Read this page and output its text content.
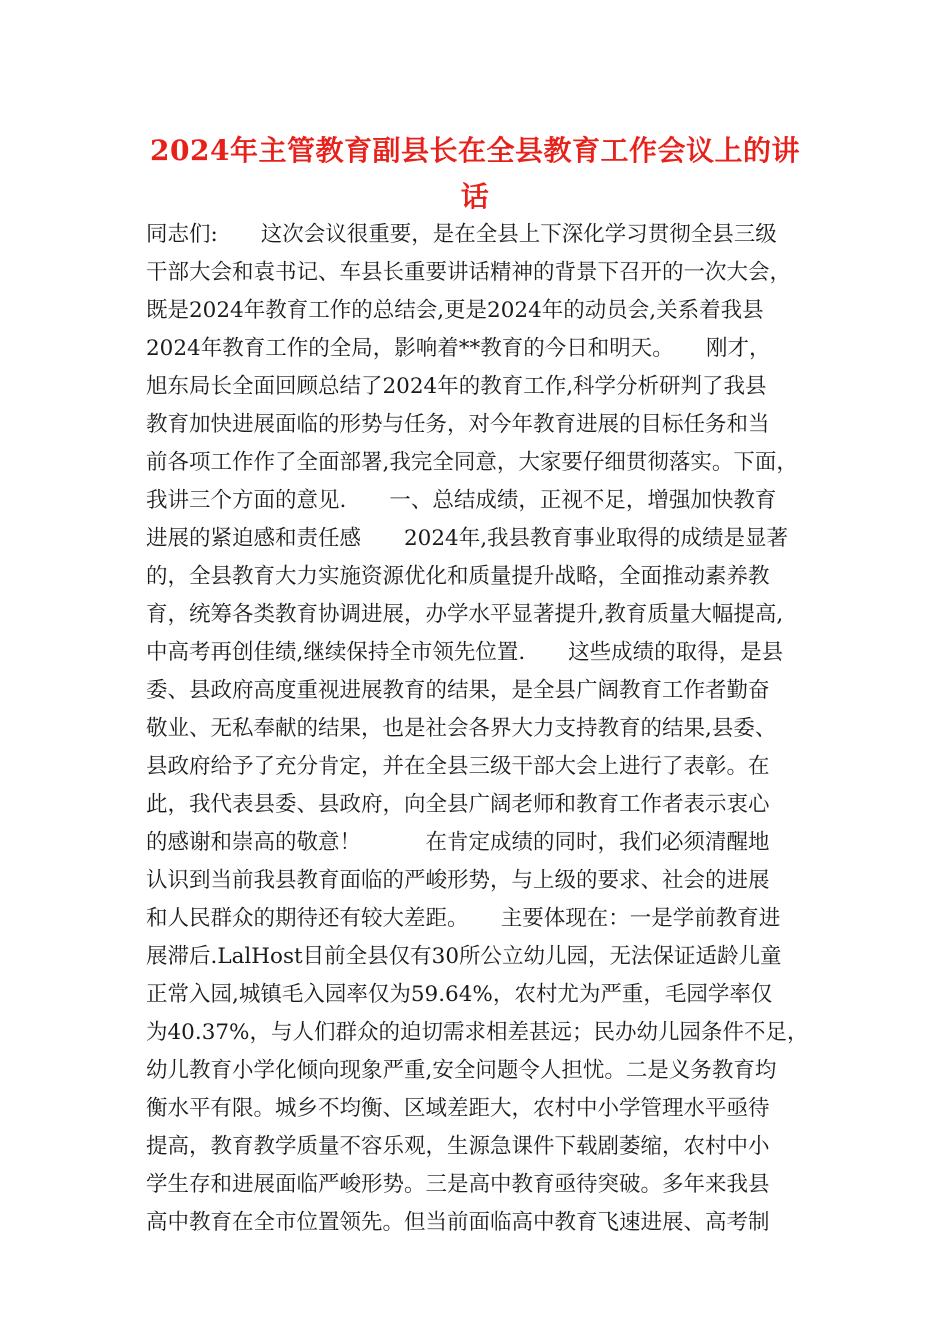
2024年主管教育副县长在全县教育工作会议上的讲
话
同志们:　　这次会议很重要，是在全县上下深化学习贯彻全县三级
干部大会和袁书记、车县长重要讲话精神的背景下召开的一次大会，
既是2024年教育工作的总结会,更是2024年的动员会,关系着我县
2024年教育工作的全局，影响着**教育的今日和明天。　　刚才，
旭东局长全面回顾总结了2024年的教育工作,科学分析研判了我县
教育加快进展面临的形势与任务，对今年教育进展的目标任务和当
前各项工作作了全面部署,我完全同意，大家要仔细贯彻落实。下面，
我讲三个方面的意见.　　一、总结成绩，正视不足，增强加快教育
进展的紧迫感和责任感　　2024年,我县教育事业取得的成绩是显著
的，全县教育大力实施资源优化和质量提升战略，全面推动素养教
育，统筹各类教育协调进展，办学水平显著提升,教育质量大幅提高,
中高考再创佳绩,继续保持全市领先位置.　　这些成绩的取得，是县
委、县政府高度重视进展教育的结果，是全县广阔教育工作者勤奋
敬业、无私奉献的结果，也是社会各界大力支持教育的结果,县委、
县政府给予了充分肯定，并在全县三级干部大会上进行了表彰。在
此，我代表县委、县政府，向全县广阔老师和教育工作者表示衷心
的感谢和崇高的敬意！　　　在肯定成绩的同时，我们必须清醒地
认识到当前我县教育面临的严峻形势，与上级的要求、社会的进展
和人民群众的期待还有较大差距。　　主要体现在：一是学前教育进
展滞后.LalHost目前全县仅有30所公立幼儿园，无法保证适龄儿童
正常入园,城镇毛入园率仅为59.64%，农村尤为严重，毛园学率仅
为40.37%，与人们群众的迫切需求相差甚远；民办幼儿园条件不足，
幼儿教育小学化倾向现象严重,安全问题令人担忧。二是义务教育均
衡水平有限。城乡不均衡、区域差距大，农村中小学管理水平亟待
提高，教育教学质量不容乐观，生源急课件下载剧萎缩，农村中小
学生存和进展面临严峻形势。三是高中教育亟待突破。多年来我县
高中教育在全市位置领先。但当前面临高中教育飞速进展、高考制
